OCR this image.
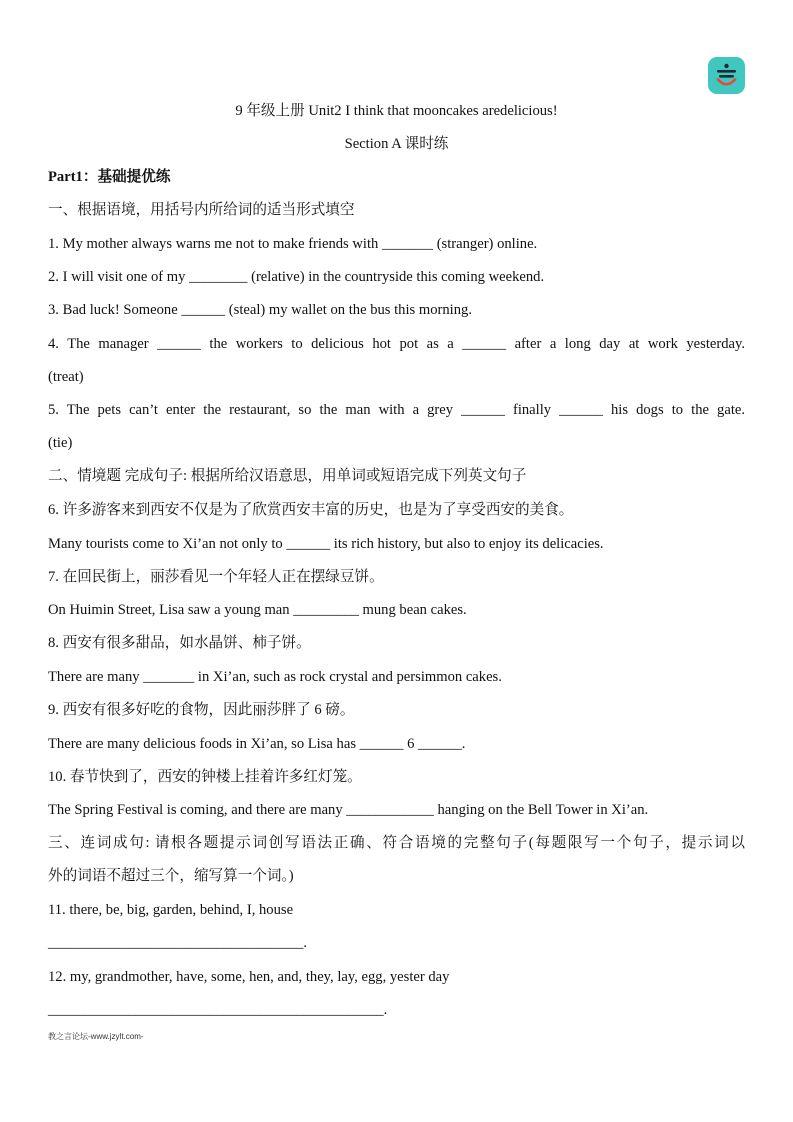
9 年级上册 Unit2 I think that mooncakes aredelicious!
Section A 课时练
Part1：基础提优练
一、根据语境，用括号内所给词的适当形式填空
1. My mother always warns me not to make friends with _______ (stranger) online.
2. I will visit one of my ________ (relative) in the countryside this coming weekend.
3. Bad luck! Someone ______ (steal) my wallet on the bus this morning.
4. The manager ______ the workers to delicious hot pot as a ______ after a long day at work yesterday.
(treat)
5. The pets can’t enter the restaurant, so the man with a grey ______ finally ______ his dogs to the gate.
(tie)
二、情境题 完成句子: 根据所给汉语意思，用单词或短语完成下列英文句子
6. 许多游客来到西安不仅是为了欣赏西安丰富的历史，也是为了享受西安的美食。
Many tourists come to Xi’an not only to ______ its rich history, but also to enjoy its delicacies.
7. 在回民街上，丽莎看见一个年轻人正在摆绿豆饼。
On Huimin Street, Lisa saw a young man _________ mung bean cakes.
8. 西安有很多甜品，如水晶饼、柿子饼。
There are many _______ in Xi’an, such as rock crystal and persimmon cakes.
9. 西安有很多好吃的食物，因此丽莎胖了 6 磅。
There are many delicious foods in Xi’an, so Lisa has ______ 6 ______.
10. 春节快到了，西安的钟楼上挂着许多红灯笼。
The Spring Festival is coming, and there are many ____________ hanging on the Bell Tower in Xi’an.
三、连词成句: 请根各题提示词创写语法正确、符合语境的完整句子(每题限写一个句子，提示词以
外的词语不超过三个，缩写算一个词。)
11. there, be, big, garden, behind, I, house
___________________________________.
12. my, grandmother, have, some, hen, and, they, lay, egg, yester day
______________________________________________.
教之言论坛-www.jzylt.com-
